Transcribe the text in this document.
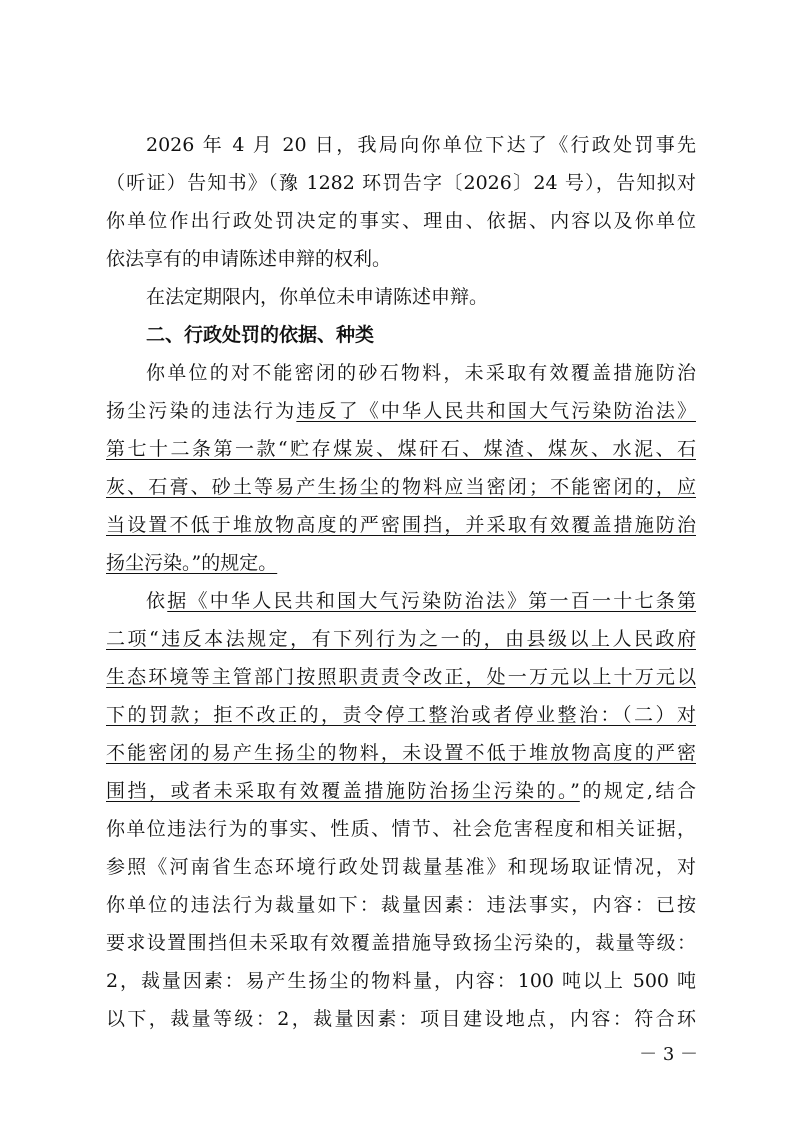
2026 年 4 月 20 日，我局向你单位下达了《行政处罚事先
（听证）告知书》（豫 1282 环罚告字〔2026〕24 号），告知拟对
你单位作出行政处罚决定的事实、理由、依据、内容以及你单位
依法享有的申请陈述申辩的权利。
在法定期限内，你单位未申请陈述申辩。
二、行政处罚的依据、种类
你单位的对不能密闭的砂石物料，未采取有效覆盖措施防治
扬尘污染的违法行为违反了《中华人民共和国大气污染防治法》
第七十二条第一款“贮存煤炭、煤矸石、煤渣、煤灰、水泥、石
灰、石膏、砂土等易产生扬尘的物料应当密闭；不能密闭的，应
当设置不低于堆放物高度的严密围挡，并采取有效覆盖措施防治
扬尘污染。”的规定。
依据《中华人民共和国大气污染防治法》第一百一十七条第
二项“违反本法规定，有下列行为之一的，由县级以上人民政府
生态环境等主管部门按照职责责令改正，处一万元以上十万元以
下的罚款；拒不改正的，责令停工整治或者停业整治：（二）对
不能密闭的易产生扬尘的物料，未设置不低于堆放物高度的严密
围挡，或者未采取有效覆盖措施防治扬尘污染的。”的规定,结合
你单位违法行为的事实、性质、情节、社会危害程度和相关证据，
参照《河南省生态环境行政处罚裁量基准》和现场取证情况，对
你单位的违法行为裁量如下：裁量因素：违法事实，内容：已按
要求设置围挡但未采取有效覆盖措施导致扬尘污染的，裁量等级：
2，裁量因素：易产生扬尘的物料量，内容：100 吨以上 500 吨
以下，裁量等级：2，裁量因素：项目建设地点，内容：符合环
－ 3 －
